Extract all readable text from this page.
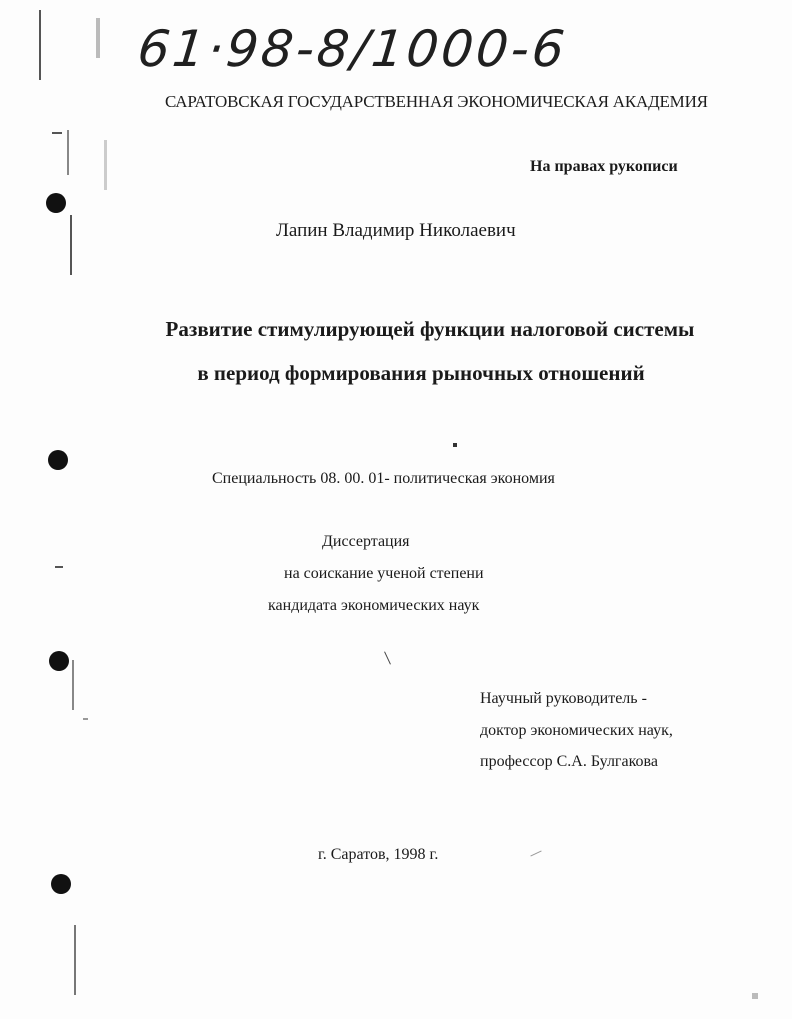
61·98-8/1000-6
САРАТОВСКАЯ ГОСУДАРСТВЕННАЯ ЭКОНОМИЧЕСКАЯ АКАДЕМИЯ
На правах рукописи
Лапин Владимир Николаевич
Развитие стимулирующей функции налоговой системы
в период формирования рыночных отношений
Специальность 08. 00. 01- политическая экономия
Диссертация
на соискание ученой степени
кандидата экономических наук
Научный руководитель -
доктор экономических наук,
профессор С.А. Булгакова
г. Саратов, 1998 г.
